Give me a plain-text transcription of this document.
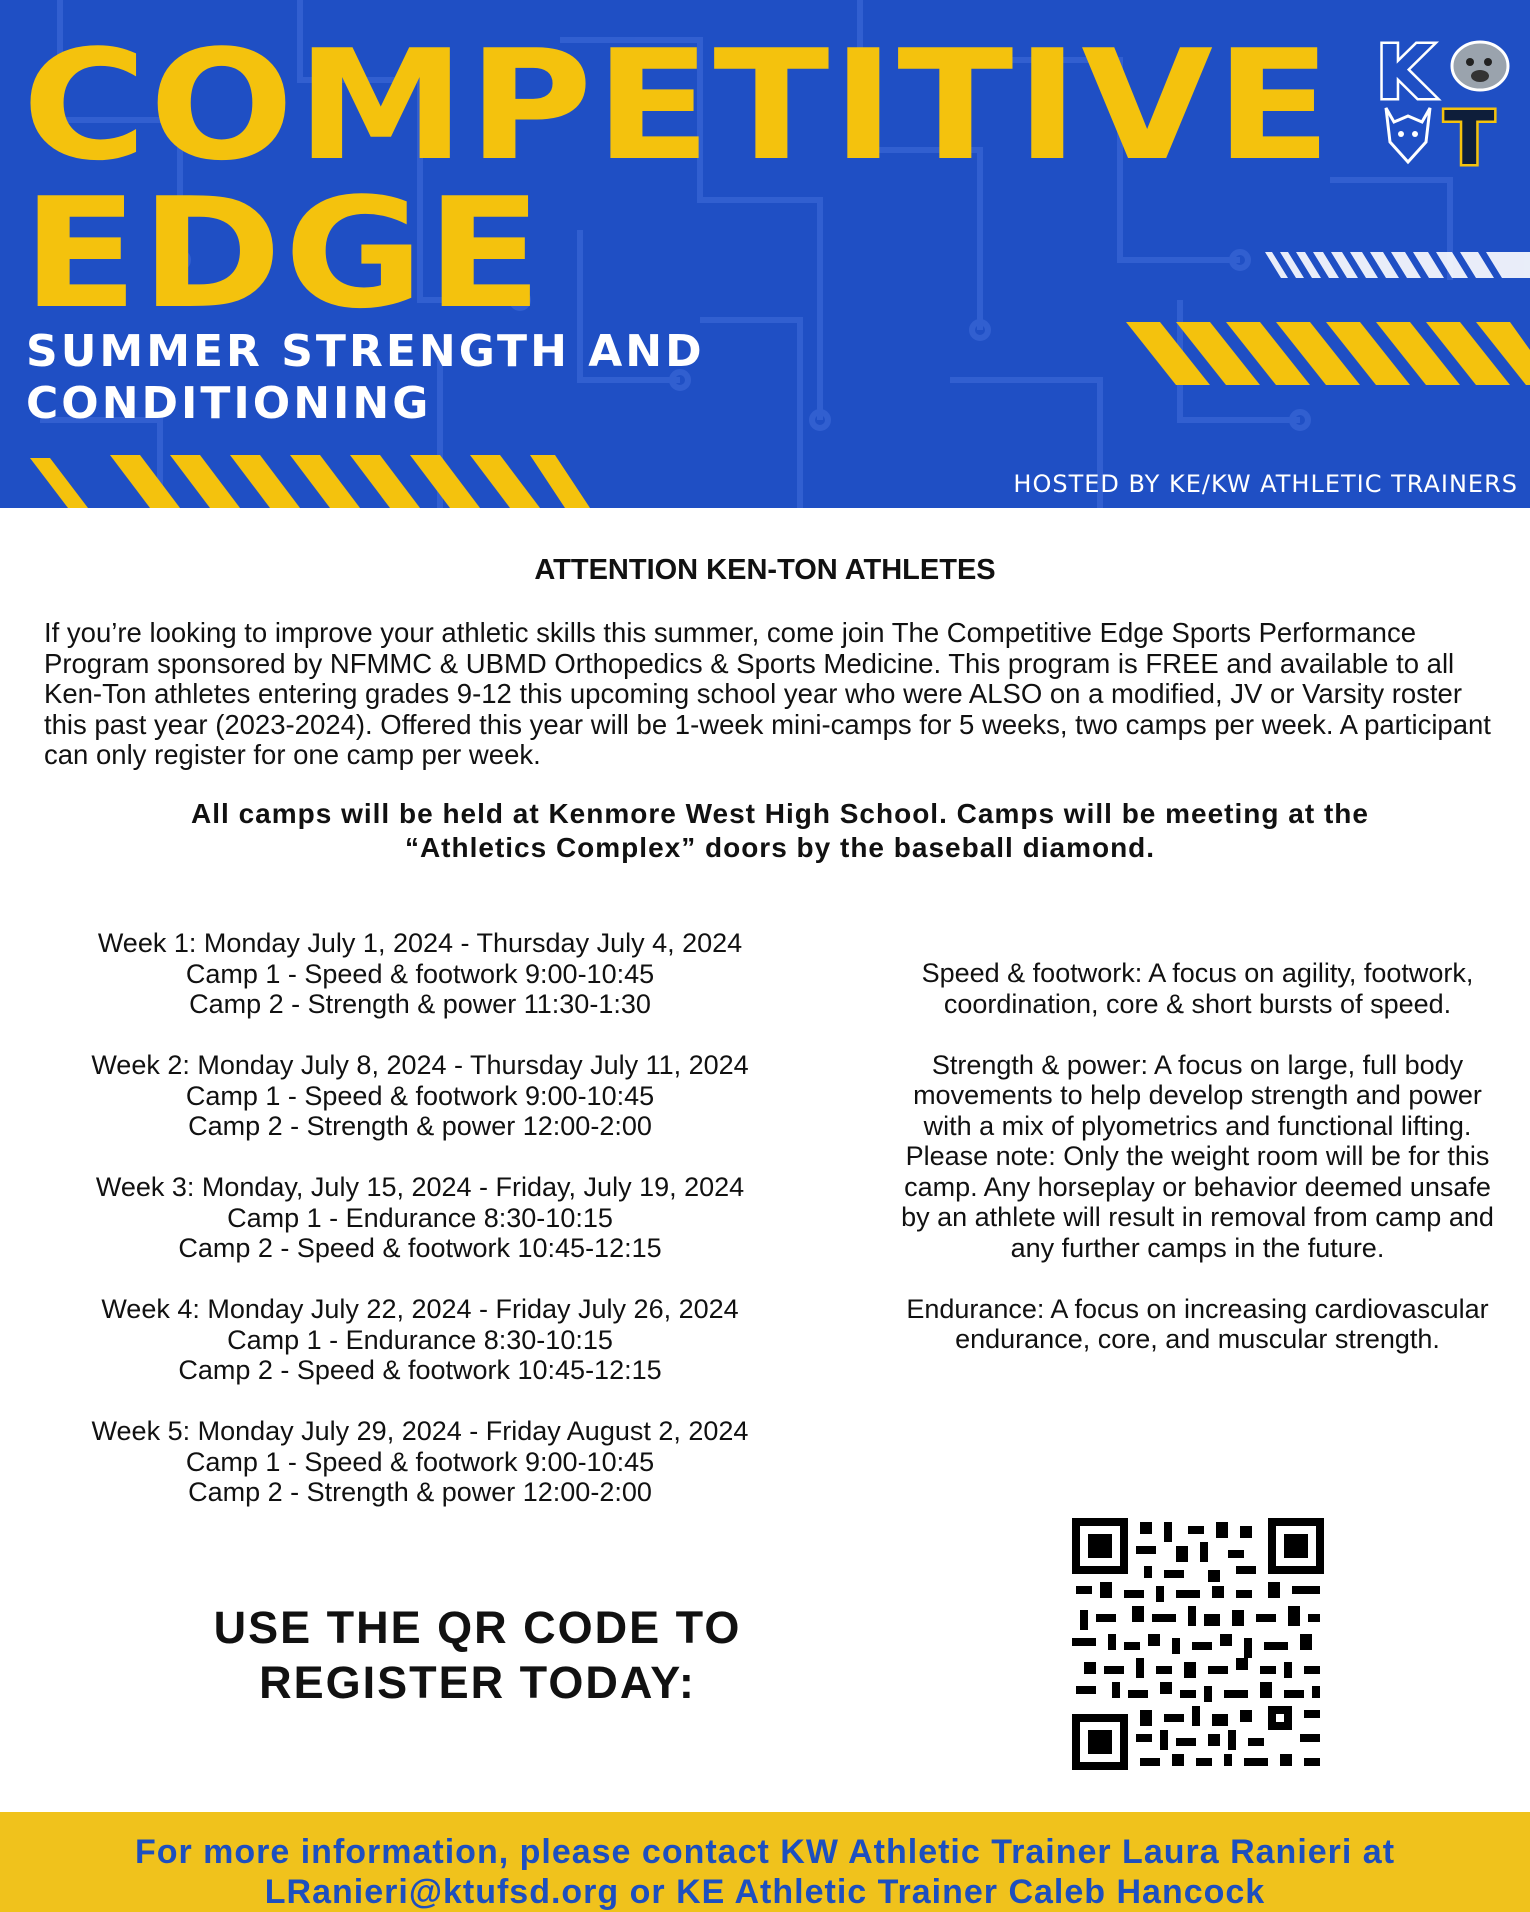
COMPETITIVE
EDGE
SUMMER STRENGTH AND
CONDITIONING
HOSTED BY KE/KW ATHLETIC TRAINERS
K
T
ATTENTION KEN-TON ATHLETES

If you’re looking to improve your athletic skills this summer, come join The Competitive Edge Sports Performance Program sponsored by NFMMC & UBMD Orthopedics & Sports Medicine. This program is FREE and available to all Ken-Ton athletes entering grades 9-12 this upcoming school year who were ALSO on a modified, JV or Varsity roster this past year (2023-2024). Offered this year will be 1-week mini-camps for 5 weeks, two camps per week. A participant can only register for one camp per week.

All camps will be held at Kenmore West High School. Camps will be meeting at the
“Athletics Complex” doors by the baseball diamond.
Week 1: Monday July 1, 2024 - Thursday July 4, 2024
Camp 1 - Speed & footwork 9:00-10:45
Camp 2 - Strength & power 11:30-1:30
Week 2: Monday July 8, 2024 - Thursday July 11, 2024
Camp 1 - Speed & footwork 9:00-10:45
Camp 2 - Strength & power 12:00-2:00
Week 3: Monday, July 15, 2024 - Friday, July 19, 2024
Camp 1 - Endurance 8:30-10:15
Camp 2 - Speed & footwork 10:45-12:15
Week 4: Monday July 22, 2024 - Friday July 26, 2024
Camp 1 - Endurance 8:30-10:15
Camp 2 - Speed & footwork 10:45-12:15
Week 5: Monday July 29, 2024 - Friday August 2, 2024
Camp 1 - Speed & footwork 9:00-10:45
Camp 2 - Strength & power 12:00-2:00

Speed & footwork: A focus on agility, footwork, coordination, core & short bursts of speed.

Strength & power: A focus on large, full body movements to help develop strength and power with a mix of plyometrics and functional lifting. Please note: Only the weight room will be for this camp. Any horseplay or behavior deemed unsafe by an athlete will result in removal from camp and any further camps in the future.

Endurance: A focus on increasing cardiovascular endurance, core, and muscular strength.

USE THE QR CODE TO
REGISTER TODAY:

For more information, please contact KW Athletic Trainer Laura Ranieri at
LRanieri@ktufsd.org or KE Athletic Trainer Caleb Hancock
